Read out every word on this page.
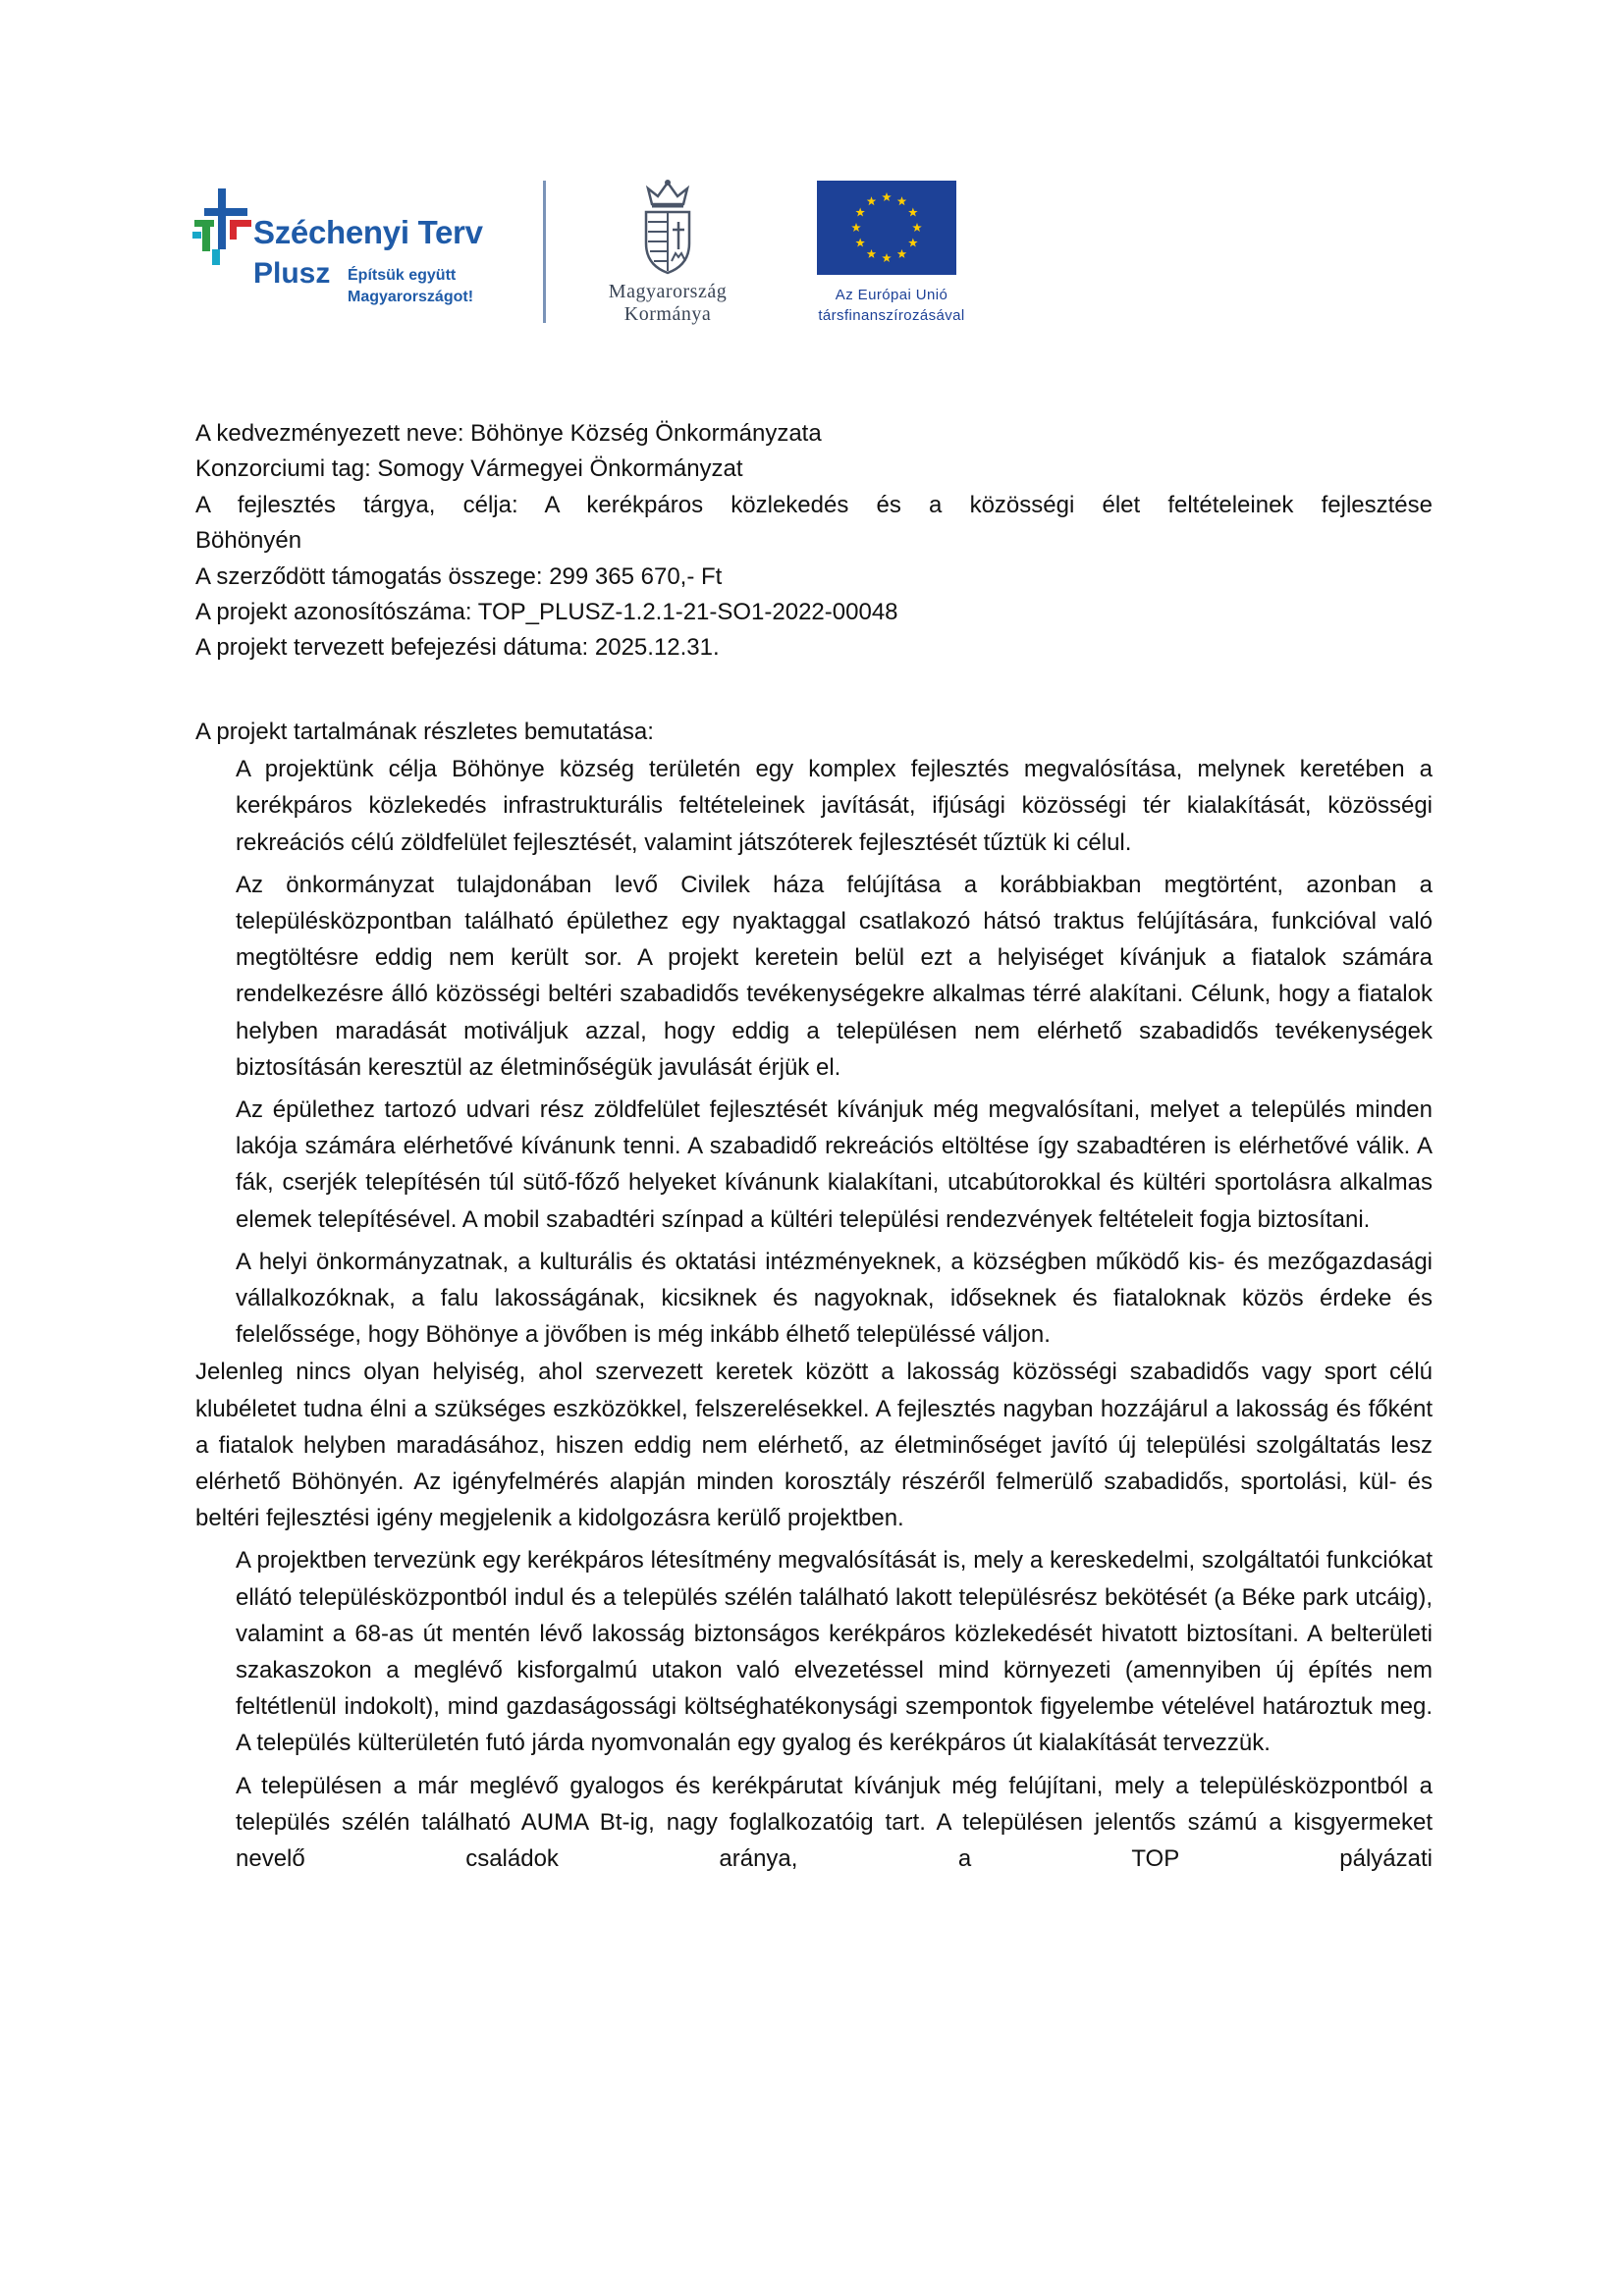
Széchenyi Terv
Plusz Építsük együtt
Magyarországot!	Magyarország
Kormánya
Az Európai Unió
társfinanszírozásával

A kedvezményezett neve: Böhönye Község Önkormányzata

Konzorciumi tag: Somogy Vármegyei Önkormányzat

A fejlesztés tárgya, célja: A kerékpáros közlekedés és a közösségi élet feltételeinek fejlesztése

Böhönyén

A szerződött támogatás összege: 299 365 670,- Ft

A projekt azonosítószáma: TOP_PLUSZ-1.2.1-21-SO1-2022-00048

A projekt tervezett befejezési dátuma: 2025.12.31.

A projekt tartalmának részletes bemutatása:

A projektünk célja Böhönye község területén egy komplex fejlesztés megvalósítása, melynek keretében a kerékpáros közlekedés infrastrukturális feltételeinek javítását, ifjúsági közösségi tér kialakítását, közösségi rekreációs célú zöldfelület fejlesztését, valamint játszóterek fejlesztését tűztük ki célul.

Az önkormányzat tulajdonában levő Civilek háza felújítása a korábbiakban megtörtént, azonban a településközpontban található épülethez egy nyaktaggal csatlakozó hátsó traktus felújítására, funkcióval való megtöltésre eddig nem került sor. A projekt keretein belül ezt a helyiséget kívánjuk a fiatalok számára rendelkezésre álló közösségi beltéri szabadidős tevékenységekre alkalmas térré alakítani. Célunk, hogy a fiatalok helyben maradását motiváljuk azzal, hogy eddig a településen nem elérhető szabadidős tevékenységek biztosításán keresztül az életminőségük javulását érjük el.

Az épülethez tartozó udvari rész zöldfelület fejlesztését kívánjuk még megvalósítani, melyet a település minden lakója számára elérhetővé kívánunk tenni. A szabadidő rekreációs eltöltése így szabadtéren is elérhetővé válik. A fák, cserjék telepítésén túl sütő-főző helyeket kívánunk kialakítani, utcabútorokkal és kültéri sportolásra alkalmas elemek telepítésével. A mobil szabadtéri színpad a kültéri települési rendezvények feltételeit fogja biztosítani.

A helyi önkormányzatnak, a kulturális és oktatási intézményeknek, a községben működő kis- és mezőgazdasági vállalkozóknak, a falu lakosságának, kicsiknek és nagyoknak, időseknek és fiataloknak közös érdeke és felelőssége, hogy Böhönye a jövőben is még inkább élhető településsé váljon.

Jelenleg nincs olyan helyiség, ahol szervezett keretek között a lakosság közösségi szabadidős vagy sport célú klubéletet tudna élni a szükséges eszközökkel, felszerelésekkel. A fejlesztés nagyban hozzájárul a lakosság és főként a fiatalok helyben maradásához, hiszen eddig nem elérhető, az életminőséget javító új települési szolgáltatás lesz elérhető Böhönyén. Az igényfelmérés alapján minden korosztály részéről felmerülő szabadidős, sportolási, kül- és beltéri fejlesztési igény megjelenik a kidolgozásra kerülő projektben.

A projektben tervezünk egy kerékpáros létesítmény megvalósítását is, mely a kereskedelmi, szolgáltatói funkciókat ellátó településközpontból indul és a település szélén található lakott településrész bekötését (a Béke park utcáig), valamint a 68-as út mentén lévő lakosság biztonságos kerékpáros közlekedését hivatott biztosítani. A belterületi szakaszokon a meglévő kisforgalmú utakon való elvezetéssel mind környezeti (amennyiben új építés nem feltétlenül indokolt), mind gazdaságossági költséghatékonysági szempontok figyelembe vételével határoztuk meg. A település külterületén futó járda nyomvonalán egy gyalog és kerékpáros út kialakítását tervezzük.

A településen a már meglévő gyalogos és kerékpárutat kívánjuk még felújítani, mely a településközpontból a település szélén található AUMA Bt-ig, nagy foglalkozatóig tart. A településen jelentős számú a kisgyermeket nevelő családok aránya, a TOP pályázati
